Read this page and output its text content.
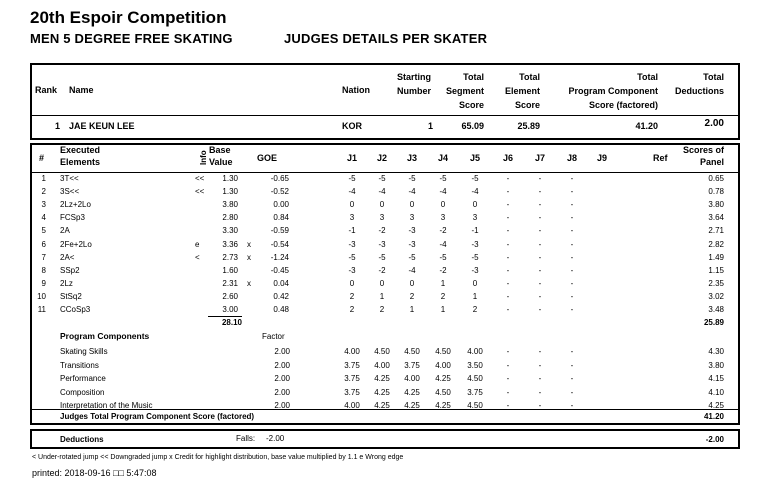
20th Espoir Competition
MEN 5 DEGREE FREE SKATING	JUDGES DETAILS PER SKATER
Rank Name	Nation
Starting
Number
Total
Segment
Score
Total
Element
Score
Total
Program Component
Score (factored)
Total
Deductions
1 JAE KEUN LEE	KOR	1	65.09	25.89	41.20	2.00
#
Executed
Elements	Info
Base
Value	GOE	J1	J2	J3	J4	J5	J6	J7	J8	J9	Ref
Scores of
Panel
1 3T<<	<<	1.30	-0.65	-5	-5	-5	-5	-5	-	-	-	0.65
2 3S<<	<<	1.30	-0.52	-4	-4	-4	-4	-4	-	-	-	0.78
3 2Lz+2Lo	3.80	0.00	0	0	0	0	0	-	-	-	3.80
4 FCSp3	2.80	0.84	3	3	3	3	3	-	-	-	3.64
5 2A	3.30	-0.59	-1	-2	-3	-2	-1	-	-	-	2.71
6 2Fe+2Lo	e	3.36 x	-0.54	-3	-3	-3	-4	-3	-	-	-	2.82
7 2A<	<	2.73 x	-1.24	-5	-5	-5	-5	-5	-	-	-	1.49
8 SSp2	1.60	-0.45	-3	-2	-4	-2	-3	-	-	-	1.15
9 2Lz	2.31 x	0.04	0	0	0	1	0	-	-	-	2.35
10 StSq2	2.60	0.42	2	1	2	2	1	-	-	-	3.02
11 CCoSp3	3.00	0.48	2	2	1	1	2	-	-	-	3.48
28.10	25.89
Program Components	Factor
Skating Skills	2.00	4.00	4.50	4.50	4.50	4.00	-	-	-	4.30
Transitions	2.00	3.75	4.00	3.75	4.00	3.50	-	-	-	3.80
Performance	2.00	3.75	4.25	4.00	4.25	4.50	-	-	-	4.15
Composition	2.00	3.75	4.25	4.25	4.50	3.75	-	-	-	4.10
Interpretation of the Music	2.00	4.00	4.25	4.25	4.25	4.50	-	-	-	4.25
Judges Total Program Component Score (factored)	41.20
Deductions	Falls: -2.00	-2.00
< Under-rotated jump << Downgraded jump x Credit for highlight distribution, base value multiplied by 1.1 e Wrong edge
printed: 2018-09-16 □□ 5:47:08
